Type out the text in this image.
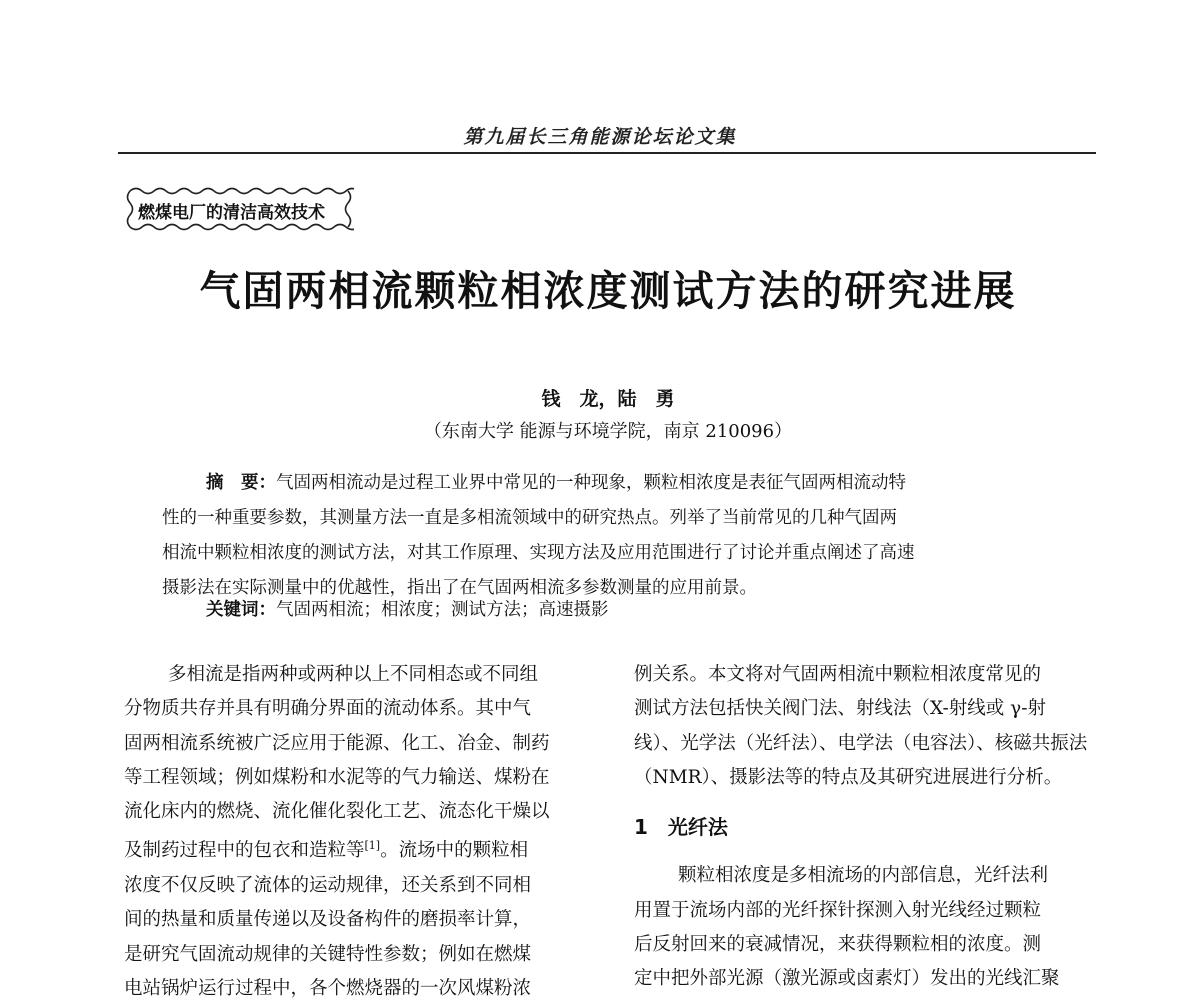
第九届长三角能源论坛论文集
燃煤电厂的清洁高效技术
气固两相流颗粒相浓度测试方法的研究进展
钱　龙，陆　勇
（东南大学 能源与环境学院，南京 210096）
摘　要：气固两相流动是过程工业界中常见的一种现象，颗粒相浓度是表征气固两相流动特
性的一种重要参数，其测量方法一直是多相流领域中的研究热点。列举了当前常见的几种气固两
相流中颗粒相浓度的测试方法，对其工作原理、实现方法及应用范围进行了讨论并重点阐述了高速
摄影法在实际测量中的优越性，指出了在气固两相流多参数测量的应用前景。
关键词：气固两相流；相浓度；测试方法；高速摄影
多相流是指两种或两种以上不同相态或不同组
分物质共存并具有明确分界面的流动体系。其中气
固两相流系统被广泛应用于能源、化工、冶金、制药
等工程领域；例如煤粉和水泥等的气力输送、煤粉在
流化床内的燃烧、流化催化裂化工艺、流态化干燥以
及制药过程中的包衣和造粒等[1]。流场中的颗粒相
浓度不仅反映了流体的运动规律，还关系到不同相
间的热量和质量传递以及设备构件的磨损率计算，
是研究气固流动规律的关键特性参数；例如在燃煤
电站锅炉运行过程中，各个燃烧器的一次风煤粉浓
例关系。本文将对气固两相流中颗粒相浓度常见的
测试方法包括快关阀门法、射线法（X-射线或 γ-射
线）、光学法（光纤法）、电学法（电容法）、核磁共振法
（NMR）、摄影法等的特点及其研究进展进行分析。
1 光纤法
颗粒相浓度是多相流场的内部信息，光纤法利
用置于流场内部的光纤探针探测入射光线经过颗粒
后反射回来的衰减情况，来获得颗粒相的浓度。测
定中把外部光源（激光源或卤素灯）发出的光线汇聚
